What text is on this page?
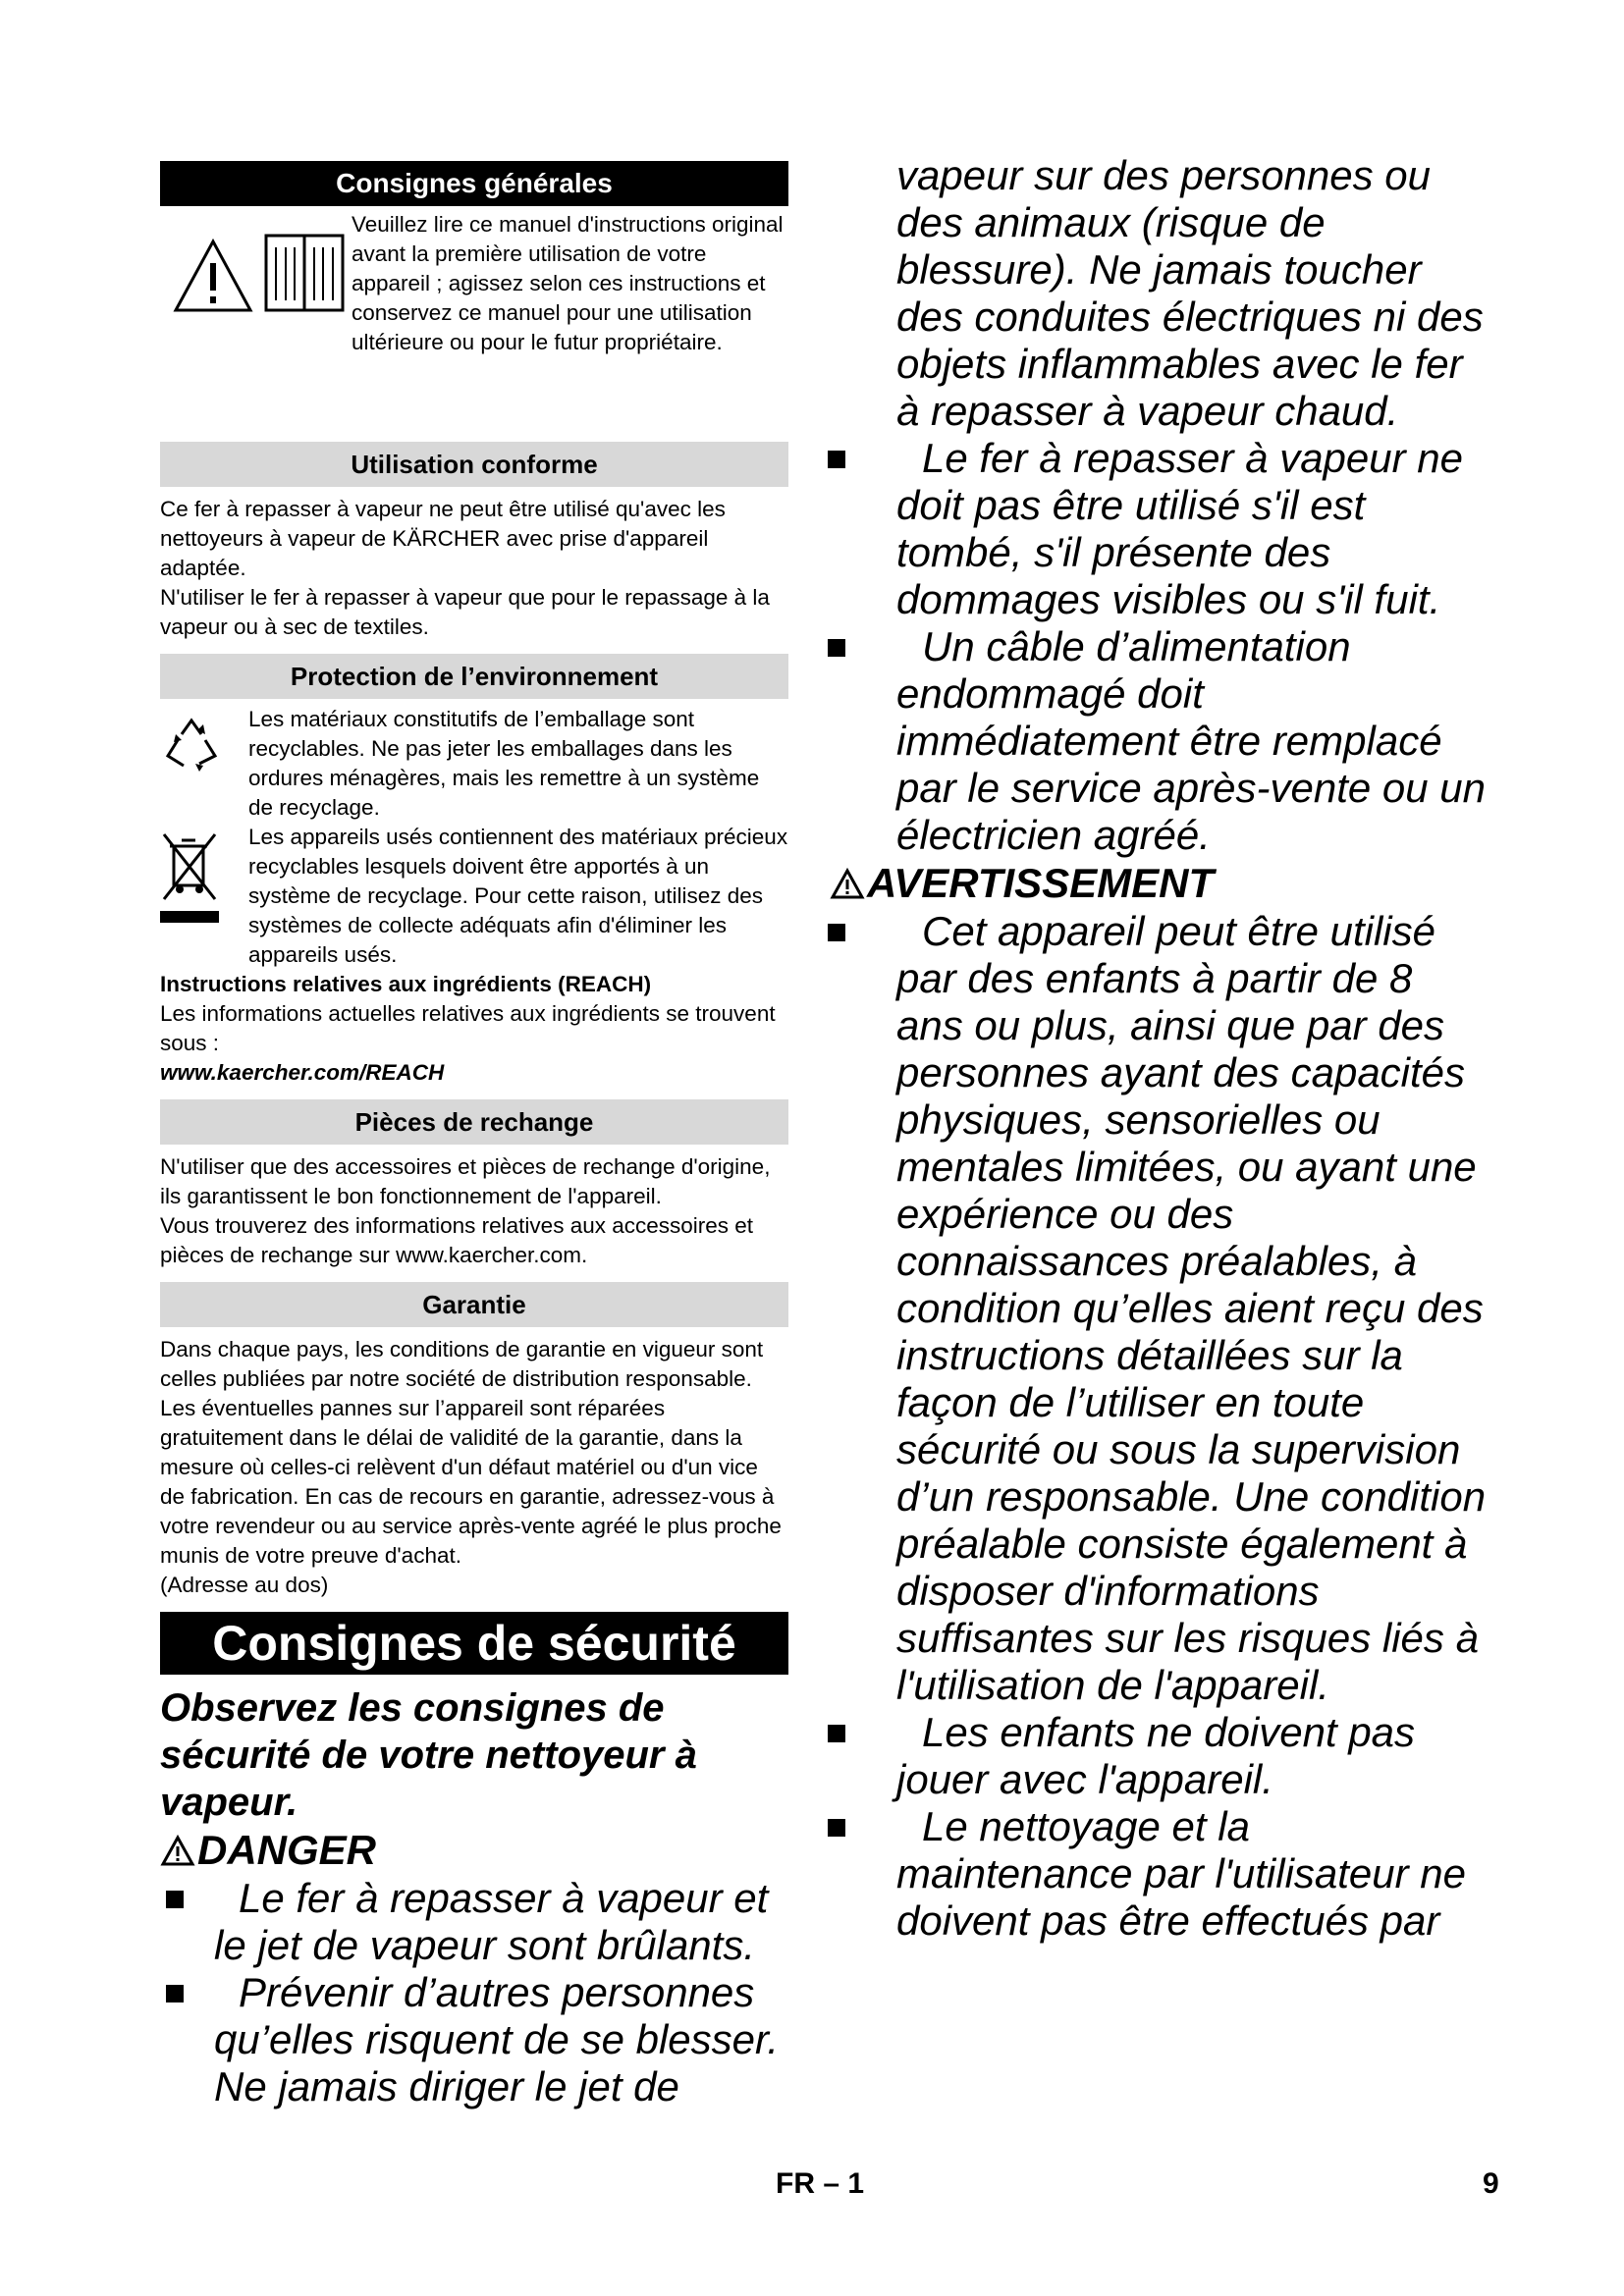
Consignes générales

Veuillez lire ce manuel d'instructions original avant la première utilisation de votre appareil ; agissez selon ces instructions et conservez ce manuel pour une utilisation ultérieure ou pour le futur propriétaire.

Utilisation conforme

Ce fer à repasser à vapeur ne peut être utilisé qu'avec les nettoyeurs à vapeur de KÄRCHER avec prise d'appareil adaptée.

N'utiliser le fer à repasser à vapeur que pour le repassage à la vapeur ou à sec de textiles.

Protection de l’environnement

Les matériaux constitutifs de l’emballage sont recyclables. Ne pas jeter les emballages dans les ordures ménagères, mais les remettre à un système de recyclage.

Les appareils usés contiennent des matériaux précieux recyclables lesquels doivent être apportés à un système de recyclage. Pour cette raison, utilisez des systèmes de collecte adéquats afin d'éliminer les appareils usés.

Instructions relatives aux ingrédients (REACH)

Les informations actuelles relatives aux ingrédients se trouvent sous :

www.kaercher.com/REACH

Pièces de rechange

N'utiliser que des accessoires et pièces de rechange d'origine, ils garantissent le bon fonctionnement de l'appareil.

Vous trouverez des informations relatives aux accessoires et pièces de rechange sur www.kaercher.com.

Garantie

Dans chaque pays, les conditions de garantie en vigueur sont celles publiées par notre société de distribution responsable. Les éventuelles pannes sur l’appareil sont réparées gratuitement dans le délai de validité de la garantie, dans la mesure où celles-ci relèvent d'un défaut matériel ou d'un vice de fabrication. En cas de recours en garantie, adressez-vous à votre revendeur ou au service après-vente agréé le plus proche munis de votre preuve d'achat.

(Adresse au dos)

Consignes de sécurité
Observez les consignes de sécurité de votre nettoyeur à vapeur.
DANGER
Le fer à repasser à vapeur et le jet de vapeur sont brûlants.
Prévenir d’autres personnes qu’elles risquent de se blesser. Ne jamais diriger le jet de
vapeur sur des personnes ou des animaux (risque de blessure). Ne jamais toucher des conduites électriques ni des objets inflammables avec le fer à repasser à vapeur chaud.
Le fer à repasser à vapeur ne doit pas être utilisé s'il est tombé, s'il présente des dommages visibles ou s'il fuit.
Un câble d’alimentation endommagé doit immédiatement être remplacé par le service après-vente ou un électricien agréé.
AVERTISSEMENT
Cet appareil peut être utilisé par des enfants à partir de 8 ans ou plus, ainsi que par des personnes ayant des capacités physiques, sensorielles ou mentales limitées, ou ayant une expérience ou des connaissances préalables, à condition qu’elles aient reçu des instructions détaillées sur la façon de l’utiliser en toute sécurité ou sous la supervision d’un responsable. Une condition préalable consiste également à disposer d'informations suffisantes sur les risques liés à l'utilisation de l'appareil.
Les enfants ne doivent pas jouer avec l'appareil.
Le nettoyage et la maintenance par l'utilisateur ne doivent pas être effectués par
FR – 1	9
